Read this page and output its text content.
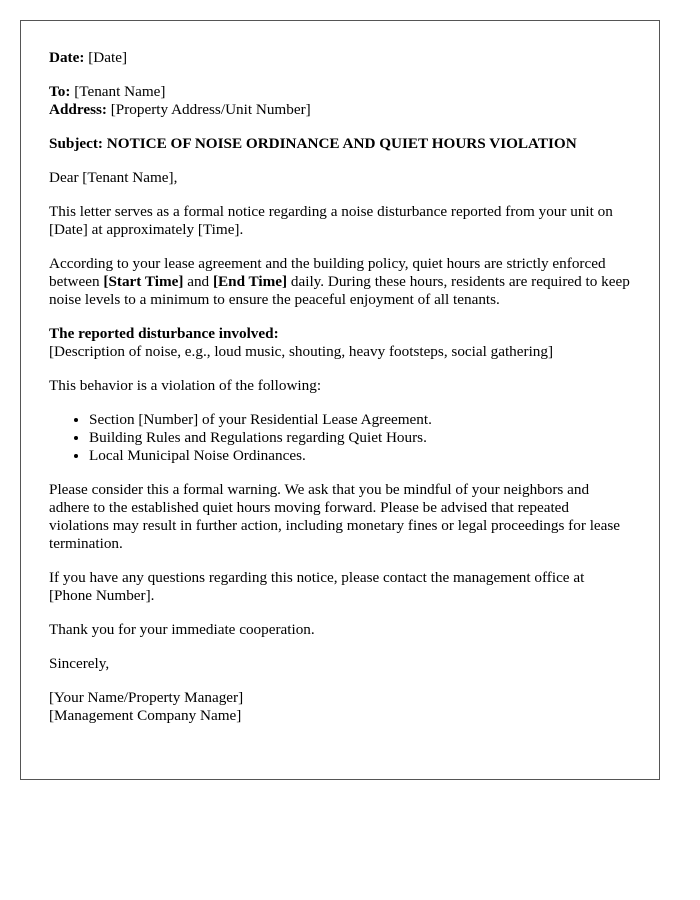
Date: [Date]

To: [Tenant Name]
Address: [Property Address/Unit Number]

Subject: NOTICE OF NOISE ORDINANCE AND QUIET HOURS VIOLATION

Dear [Tenant Name],

This letter serves as a formal notice regarding a noise disturbance reported from your unit on [Date] at approximately [Time].

According to your lease agreement and the building policy, quiet hours are strictly enforced between [Start Time] and [End Time] daily. During these hours, residents are required to keep noise levels to a minimum to ensure the peaceful enjoyment of all tenants.

The reported disturbance involved:
[Description of noise, e.g., loud music, shouting, heavy footsteps, social gathering]

This behavior is a violation of the following:

• Section [Number] of your Residential Lease Agreement.
• Building Rules and Regulations regarding Quiet Hours.
• Local Municipal Noise Ordinances.

Please consider this a formal warning. We ask that you be mindful of your neighbors and adhere to the established quiet hours moving forward. Please be advised that repeated violations may result in further action, including monetary fines or legal proceedings for lease termination.

If you have any questions regarding this notice, please contact the management office at [Phone Number].

Thank you for your immediate cooperation.

Sincerely,

[Your Name/Property Manager]
[Management Company Name]
